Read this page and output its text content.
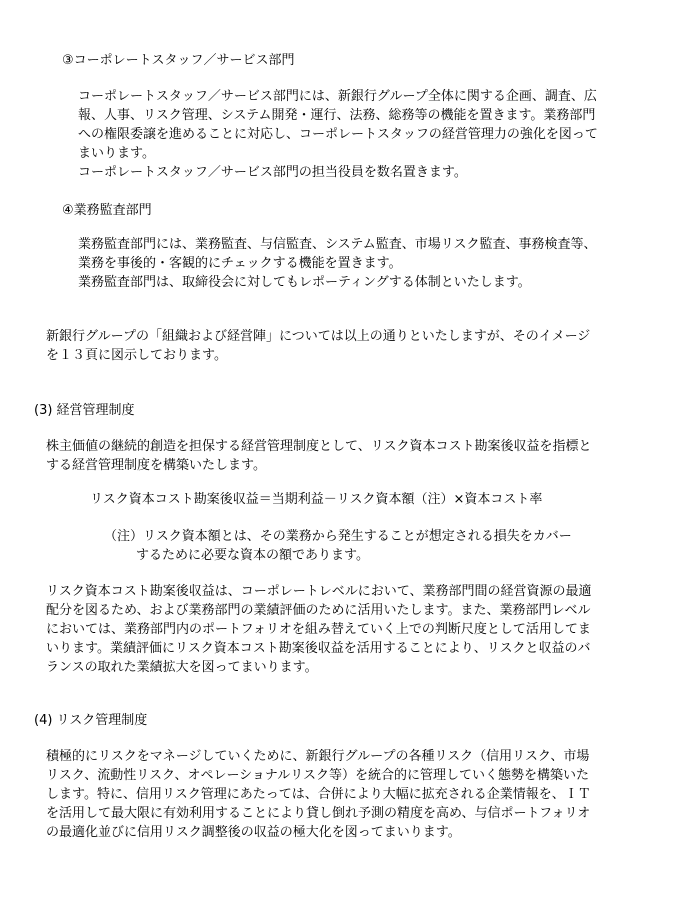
③コーポレートスタッフ／サービス部門
コーポレートスタッフ／サービス部門には、新銀行グループ全体に関する企画、調査、広
報、人事、リスク管理、システム開発・運行、法務、総務等の機能を置きます。業務部門
への権限委譲を進めることに対応し、コーポレートスタッフの経営管理力の強化を図って
まいります。
コーポレートスタッフ／サービス部門の担当役員を数名置きます。
④業務監査部門
業務監査部門には、業務監査、与信監査、システム監査、市場リスク監査、事務検査等、
業務を事後的・客観的にチェックする機能を置きます。
業務監査部門は、取締役会に対してもレポーティングする体制といたします。
新銀行グループの「組織および経営陣」については以上の通りといたしますが、そのイメージ
を１３頁に図示しております。
(3) 経営管理制度
株主価値の継続的創造を担保する経営管理制度として、リスク資本コスト勘案後収益を指標と
する経営管理制度を構築いたします。
リスク資本コスト勘案後収益＝当期利益－リスク資本額（注）×資本コスト率
（注）リスク資本額とは、その業務から発生することが想定される損失をカバー
するために必要な資本の額であります。
リスク資本コスト勘案後収益は、コーポレートレベルにおいて、業務部門間の経営資源の最適
配分を図るため、および業務部門の業績評価のために活用いたします。また、業務部門レベル
においては、業務部門内のポートフォリオを組み替えていく上での判断尺度として活用してま
いります。業績評価にリスク資本コスト勘案後収益を活用することにより、リスクと収益のバ
ランスの取れた業績拡大を図ってまいります。
(4) リスク管理制度
積極的にリスクをマネージしていくために、新銀行グループの各種リスク（信用リスク、市場
リスク、流動性リスク、オペレーショナルリスク等）を統合的に管理していく態勢を構築いた
します。特に、信用リスク管理にあたっては、合併により大幅に拡充される企業情報を、ＩＴ
を活用して最大限に有効利用することにより貸し倒れ予測の精度を高め、与信ポートフォリオ
の最適化並びに信用リスク調整後の収益の極大化を図ってまいります。
